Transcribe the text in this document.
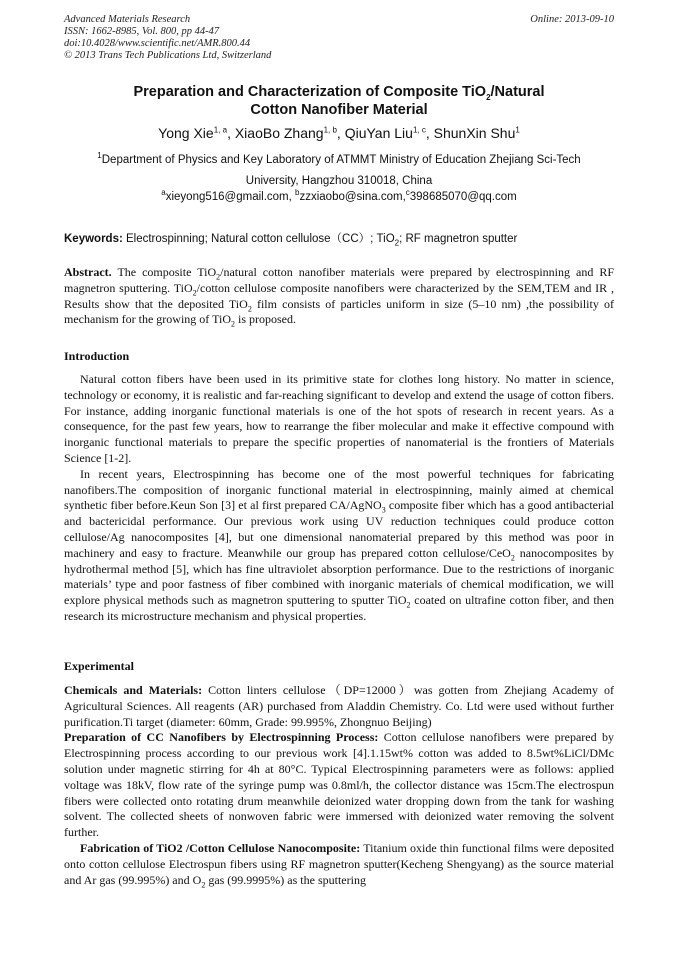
Advanced Materials Research
ISSN: 1662-8985, Vol. 800, pp 44-47
doi:10.4028/www.scientific.net/AMR.800.44
© 2013 Trans Tech Publications Ltd, Switzerland
Online: 2013-09-10
Preparation and Characterization of Composite TiO$_2$/Natural
Cotton Nanofiber Material
Yong Xie$^{1, a}$, XiaoBo Zhang$^{1, b}$, QiuYan Liu$^{1, c}$, ShunXin Shu$^1$
$^1$Department of Physics and Key Laboratory of ATMMT Ministry of Education Zhejiang Sci-Tech
University, Hangzhou 310018, China
$^a$xieyong516@gmail.com, $^b$zzxiaobo@sina.com,$^c$398685070@qq.com
Keywords: Electrospinning; Natural cotton cellulose（CC）; TiO$_2$; RF magnetron sputter

Abstract. The composite TiO$_2$/natural cotton nanofiber materials were prepared by electrospinning and RF magnetron sputtering. TiO$_2$/cotton cellulose composite nanofibers were characterized by the SEM,TEM and IR , Results show that the deposited TiO$_2$ film consists of particles uniform in size (5–10 nm) ,the possibility of mechanism for the growing of TiO$_2$ is proposed.

Introduction

Natural cotton fibers have been used in its primitive state for clothes long history. No matter in science, technology or economy, it is realistic and far-reaching significant to develop and extend the usage of cotton fibers. For instance, adding inorganic functional materials is one of the hot spots of research in recent years. As a consequence, for the past few years, how to rearrange the fiber molecular and make it effective compound with inorganic functional materials to prepare the specific properties of nanomaterial is the frontiers of Materials Science [1-2].

In recent years, Electrospinning has become one of the most powerful techniques for fabricating nanofibers.The composition of inorganic functional material in electrospinning, mainly aimed at chemical synthetic fiber before.Keun Son [3] et al first prepared CA/AgNO$_3$ composite fiber which has a good antibacterial and bactericidal performance. Our previous work using UV reduction techniques could produce cotton cellulose/Ag nanocomposites [4], but one dimensional nanomaterial prepared by this method was poor in machinery and easy to fracture. Meanwhile our group has prepared cotton cellulose/CeO$_2$ nanocomposites by hydrothermal method [5], which has fine ultraviolet absorption performance. Due to the restrictions of inorganic materials’ type and poor fastness of fiber combined with inorganic materials of chemical modification, we will explore physical methods such as magnetron sputtering to sputter TiO$_2$ coated on ultrafine cotton fiber, and then research its microstructure mechanism and physical properties.

Experimental

Chemicals and Materials: Cotton linters cellulose（DP=12000）was gotten from Zhejiang Academy of Agricultural Sciences. All reagents (AR) purchased from Aladdin Chemistry. Co. Ltd were used without further purification.Ti target (diameter: 60mm, Grade: 99.995%, Zhongnuo Beijing)

Preparation of CC Nanofibers by Electrospinning Process: Cotton cellulose nanofibers were prepared by Electrospinning process according to our previous work [4].1.15wt% cotton was added to 8.5wt%LiCl/DMc solution under magnetic stirring for 4h at 80°C. Typical Electrospinning parameters were as follows: applied voltage was 18kV, flow rate of the syringe pump was 0.8ml/h, the collector distance was 15cm.The electrospun fibers were collected onto rotating drum meanwhile deionized water dropping down from the tank for washing solvent. The collected sheets of nonwoven fabric were immersed with deionized water removing the solvent further.

Fabrication of TiO2 /Cotton Cellulose Nanocomposite: Titanium oxide thin functional films were deposited onto cotton cellulose Electrospun fibers using RF magnetron sputter(Kecheng Shengyang) as the source material and Ar gas (99.995%) and $O_2$ gas (99.9995%) as the sputtering
